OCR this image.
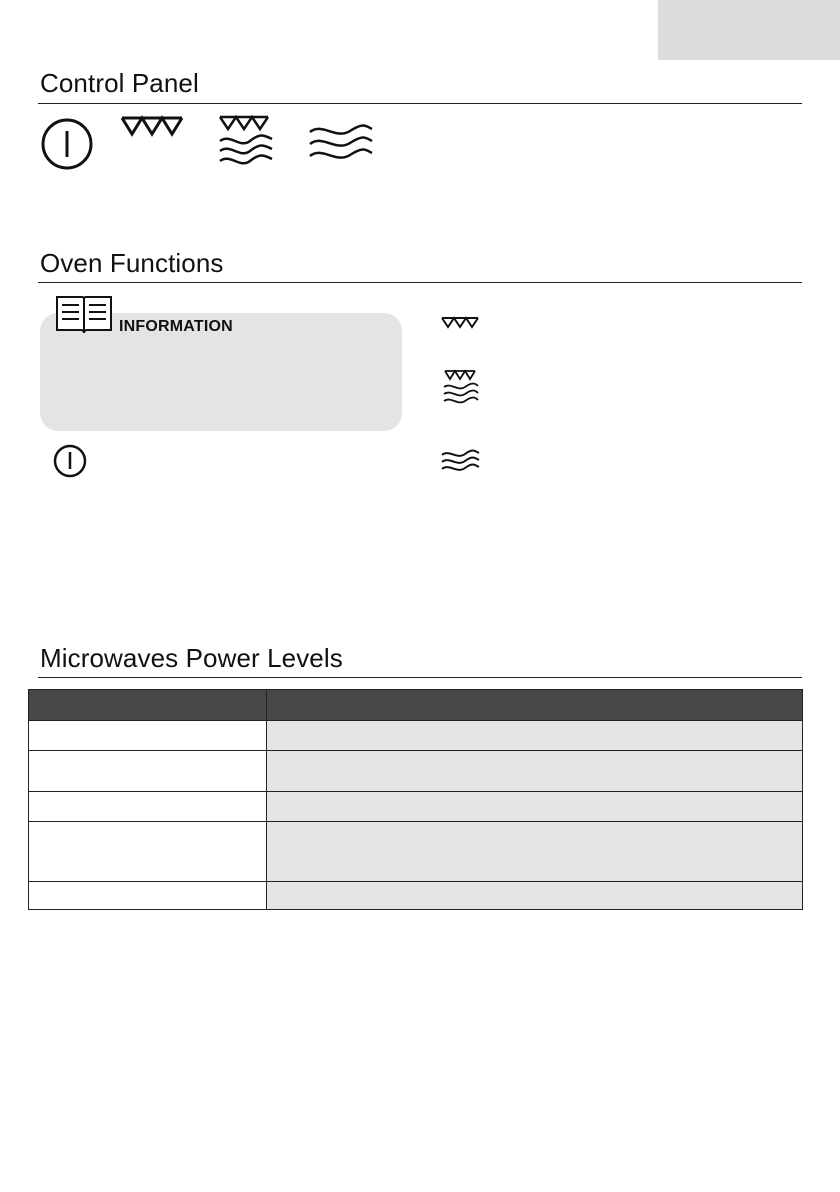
Control Panel
Oven Functions
INFORMATION
Microwaves Power Levels
